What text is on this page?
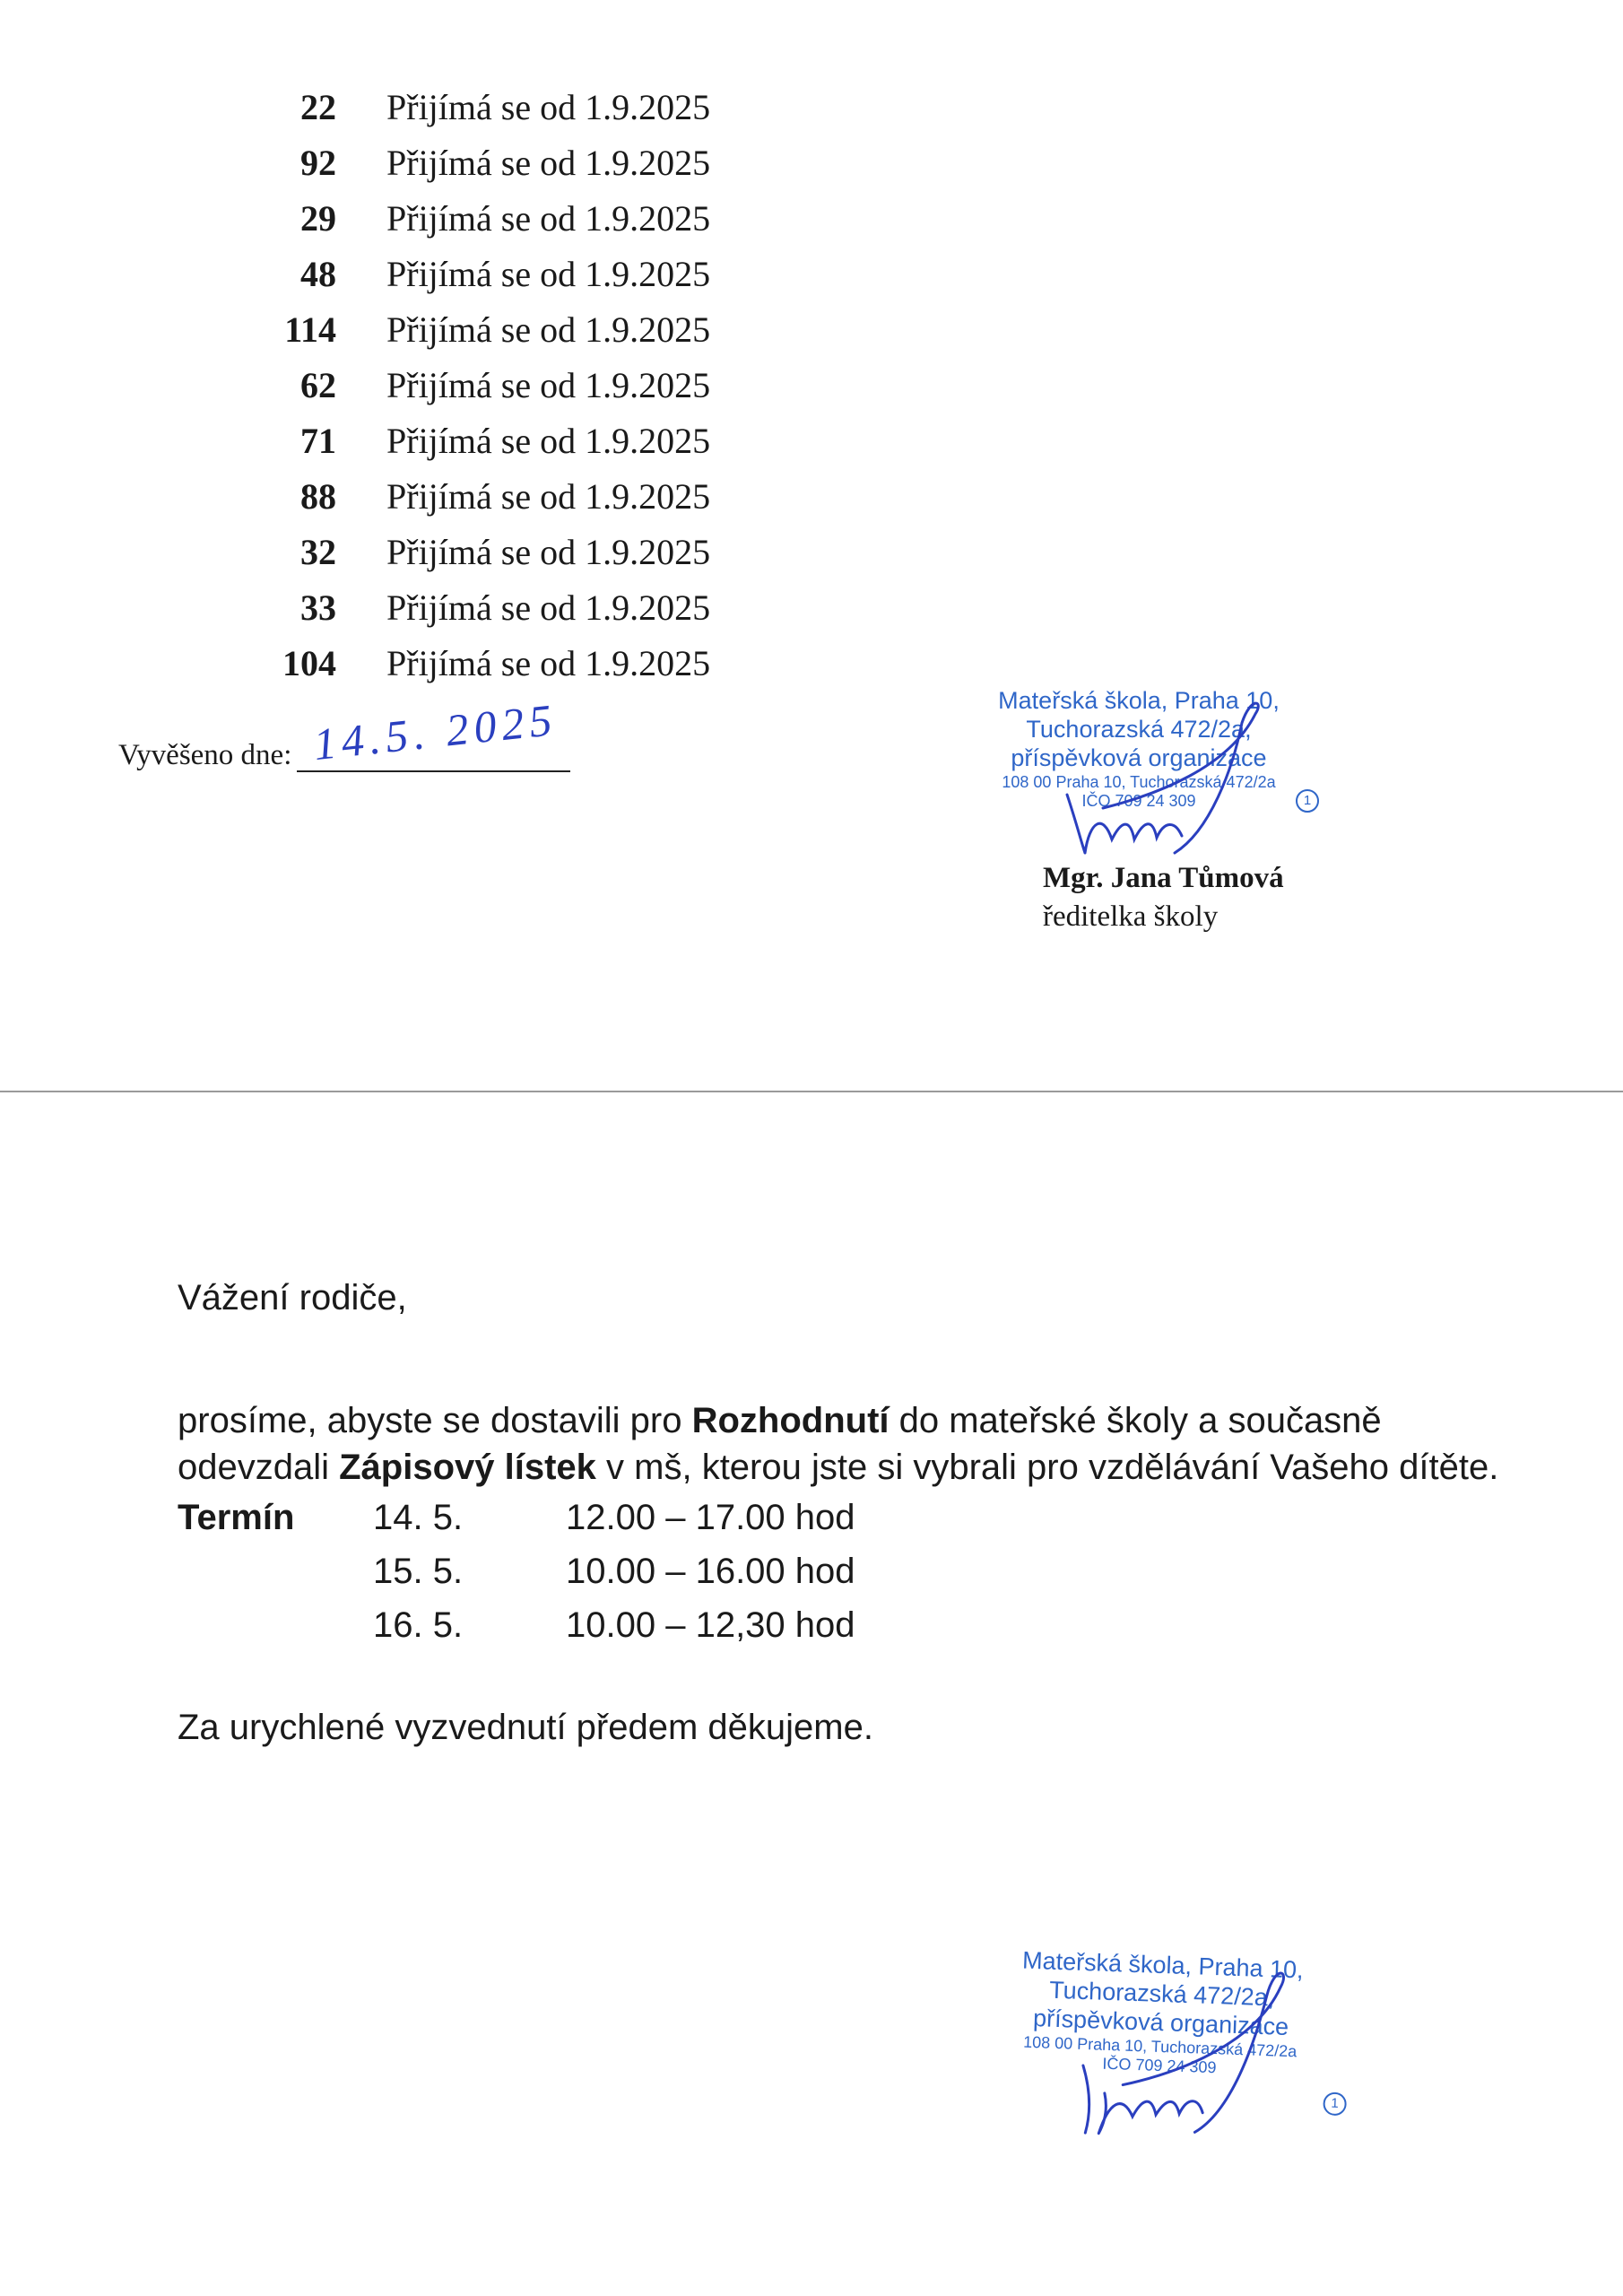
22 Přijímá se od 1.9.2025
92 Přijímá se od 1.9.2025
29 Přijímá se od 1.9.2025
48 Přijímá se od 1.9.2025
114 Přijímá se od 1.9.2025
62 Přijímá se od 1.9.2025
71 Přijímá se od 1.9.2025
88 Přijímá se od 1.9.2025
32 Přijímá se od 1.9.2025
33 Přijímá se od 1.9.2025
104 Přijímá se od 1.9.2025
Vyvěšeno dne: 14.5. 2025	Mateřská škola, Praha 10,
Tuchorazská 472/2a,
příspěvková organizace
108 00 Praha 10, Tuchorazská 472/2a
IČO 709 24 309	1
Mgr. Jana Tůmová
ředitelka školy

Vážení rodiče,

prosíme, abyste se dostavili pro Rozhodnutí do mateřské školy a současně odevzdali Zápisový lístek v mš, kterou jste si vybrali pro vzdělávání Vašeho dítěte.

Termín	14. 5.	12.00 – 17.00 hod
15. 5.	10.00 – 16.00 hod
16. 5.	10.00 – 12,30 hod

Za urychlené vyzvednutí předem děkujeme.

Mateřská škola, Praha 10,
Tuchorazská 472/2a,
příspěvková organizace
108 00 Praha 10, Tuchorazská 472/2a
IČO 709 24 309
1
